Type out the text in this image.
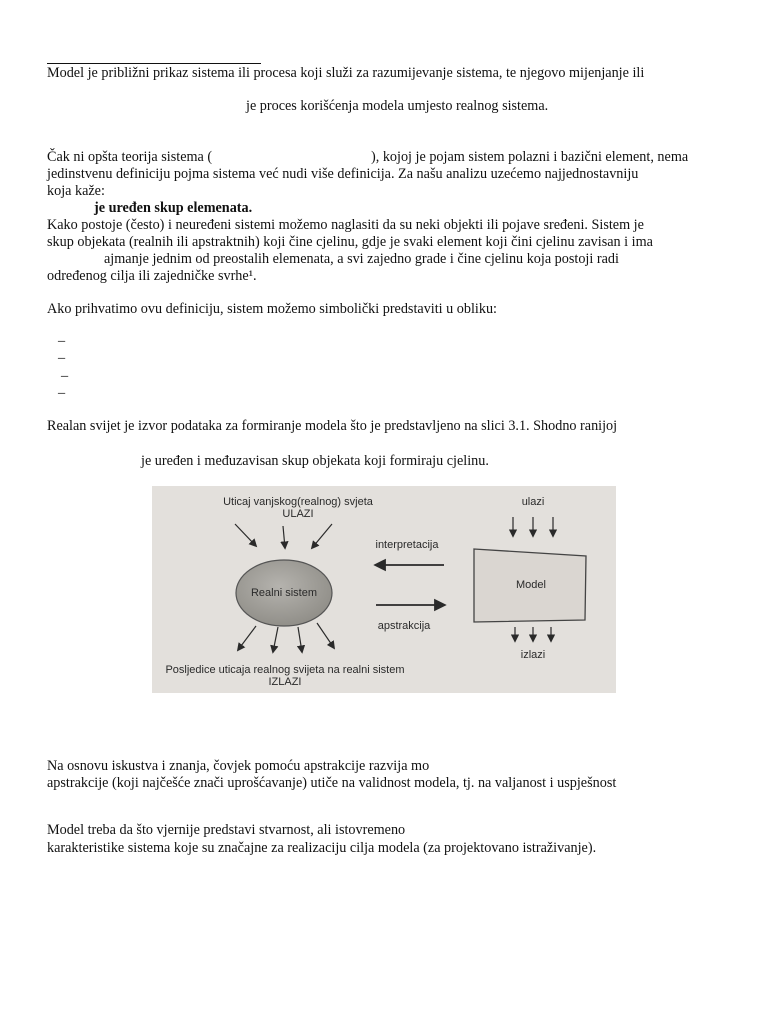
Model je približni prikaz sistema ili procesa koji služi za razumijevanje sistema, te njegovo mijenjanje ili
je proces korišćenja modela umjesto realnog sistema.
Čak ni opšta teorija sistema (	), kojoj je pojam sistem polazni i bazični element, nema
jedinstvenu definiciju pojma sistema već nudi više definicija. Za našu analizu uzećemo najjednostavniju
koja kaže:
je uređen skup elemenata.
Kako postoje (često) i neuređeni sistemi možemo naglasiti da su neki objekti ili pojave sređeni. Sistem je
skup objekata (realnih ili apstraktnih) koji čine cjelinu, gdje je svaki element koji čini cjelinu zavisan i ima
ajmanje jednim od preostalih elemenata, a svi zajedno grade i čine cjelinu koja postoji radi
određenog cilja ili zajedničke svrhe¹.
Ako prihvatimo ovu definiciju, sistem možemo simbolički predstaviti u obliku:
–
–
–
–
Realan svijet je izvor podataka za formiranje modela što je predstavljeno na slici 3.1. Shodno ranijoj
je uređen i međuzavisan skup objekata koji formiraju cjelinu.
Uticaj vanjskog(realnog) svjeta
ULAZI
Realni sistem
Posljedice uticaja realnog svijeta na realni sistem
IZLAZI
interpretacija
apstrakcija
ulazi
Model
izlazi
Na osnovu iskustva i znanja, čovjek pomoću apstrakcije razvija mo
apstrakcije (koji najčešće znači uprošćavanje) utiče na validnost modela, tj. na valjanost i uspješnost
Model treba da što vjernije predstavi stvarnost, ali istovremeno
karakteristike sistema koje su značajne za realizaciju cilja modela (za projektovano istraživanje).
